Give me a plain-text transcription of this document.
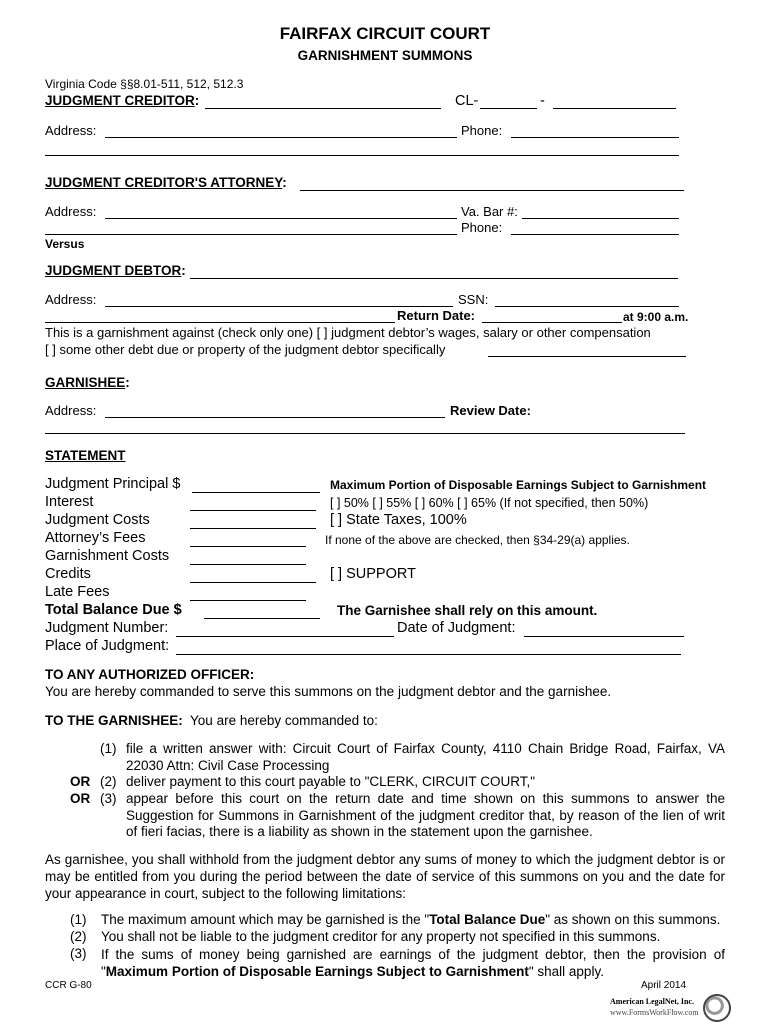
FAIRFAX CIRCUIT COURT
GARNISHMENT SUMMONS
Virginia Code §§8.01-511, 512, 512.3
JUDGMENT CREDITOR:	CL-	-
Address:	Phone:
JUDGMENT CREDITOR'S ATTORNEY:
Address:	Va. Bar #:
Phone:
Versus
JUDGMENT DEBTOR:
Address:	SSN:
Return Date:	at 9:00 a.m.
This is a garnishment against (check only one) [ ] judgment debtor’s wages, salary or other compensation
[ ] some other debt due or property of the judgment debtor specifically
GARNISHEE:
Address:	Review Date:
STATEMENT
Judgment Principal $
Interest
Judgment Costs
Attorney’s Fees
Garnishment Costs
Credits
Late Fees
Total Balance Due $
Judgment Number:	Date of Judgment:
Place of Judgment:
Maximum Portion of Disposable Earnings Subject to Garnishment
[ ] 50% [ ] 55% [ ] 60% [ ] 65% (If not specified, then 50%)
[ ] State Taxes, 100%
If none of the above are checked, then §34-29(a) applies.
[ ] SUPPORT
The Garnishee shall rely on this amount.
TO ANY AUTHORIZED OFFICER:
You are hereby commanded to serve this summons on the judgment debtor and the garnishee.
TO THE GARNISHEE: You are hereby commanded to:
(1) file a written answer with: Circuit Court of Fairfax County, 4110 Chain Bridge Road, Fairfax, VA 22030 Attn: Civil Case Processing
OR (2) deliver payment to this court payable to "CLERK, CIRCUIT COURT,"
OR (3) appear before this court on the return date and time shown on this summons to answer the Suggestion for Summons in Garnishment of the judgment creditor that, by reason of the lien of writ of fieri facias, there is a liability as shown in the statement upon the garnishee.
As garnishee, you shall withhold from the judgment debtor any sums of money to which the judgment debtor is or may be entitled from you during the period between the date of service of this summons on you and the date for your appearance in court, subject to the following limitations:
(1) The maximum amount which may be garnished is the "Total Balance Due" as shown on this summons.
(2) You shall not be liable to the judgment creditor for any property not specified in this summons.
(3) If the sums of money being garnished are earnings of the judgment debtor, then the provision of "Maximum Portion of Disposable Earnings Subject to Garnishment" shall apply.
CCR G-80	April 2014
American LegalNet, Inc.
www.FormsWorkFlow.com
